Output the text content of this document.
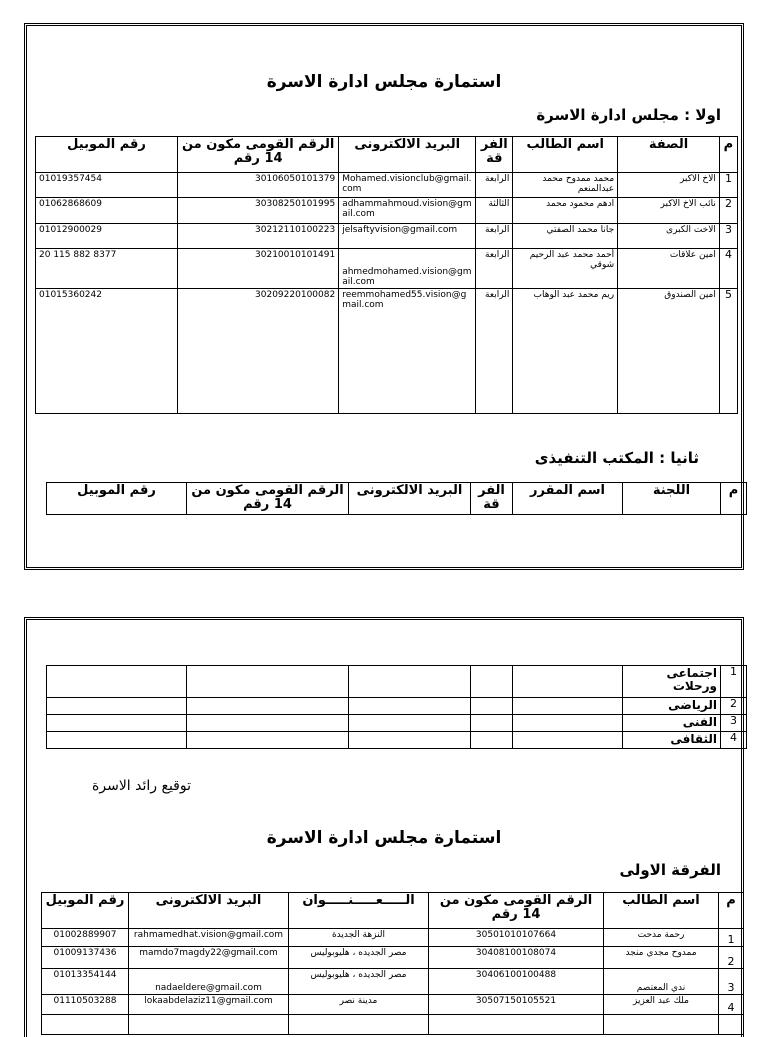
استمارة مجلس ادارة الاسرة
اولا : مجلس ادارة الاسرة
م	الصفة	اسم الطالب	الفر قة	البريد الالكترونى	الرقم القومى مكون من 14 رقم	رقم الموبيل
1	الاخ الاكبر	محمد ممدوح محمد عبدالمنعم	الرابعة	Mohamed.visionclub@gmail.com	30106050101379	01019357454
2	نائب الاخ الاكبر	ادهم محمود محمد	الثالثة	adhammahmoud.vision@gmail.com	30308250101995	01062868609
3	الاخت الكبرى	جانا محمد الصفتي	الرابعة	jelsaftyvision@gmail.com	30212110100223	01012900029
4	امين علاقات	أحمد محمد عبد الرحيم شوقي	الرابعة	ahmedmohamed.vision@gmail.com	30210010101491	20 115 882 8377
5	امين الصندوق	ريم محمد عبد الوهاب	الرابعة	reemmohamed55.vision@gmail.com	30209220100082	01015360242
ثانيا : المكتب التنفيذى
م	اللجنة	اسم المقرر	الفر قة	البريد الالكترونى	الرقم القومى مكون من 14 رقم	رقم الموبيل
1	اجتماعى ورحلات					
2	الرياضى					
3	الفنى					
4	الثقافى					
توقيع رائد الاسرة
استمارة مجلس ادارة الاسرة
الفرقة الاولى
م	اسم الطالب	الرقم القومى مكون من 14 رقم	الـــــعـــــنـــــوان	البريد الالكترونى	رقم الموبيل
1	رحمة مدحت	30501010107664	النزهة الجديدة	rahmamedhat.vision@gmail.com	01002889907
2	ممدوح مجدي منجد	30408100108074	مصر الجديده ، هليوبوليس	mamdo7magdy22@gmail.com	01009137436
3	ندي المعتصم	30406100100488	مصر الجديده ، هليوبوليس	nadaeldere@gmail.com	01013354144
4	ملك عبد العزيز	30507150105521	مدينة نصر	lokaabdelaziz11@gmail.com	01110503288
